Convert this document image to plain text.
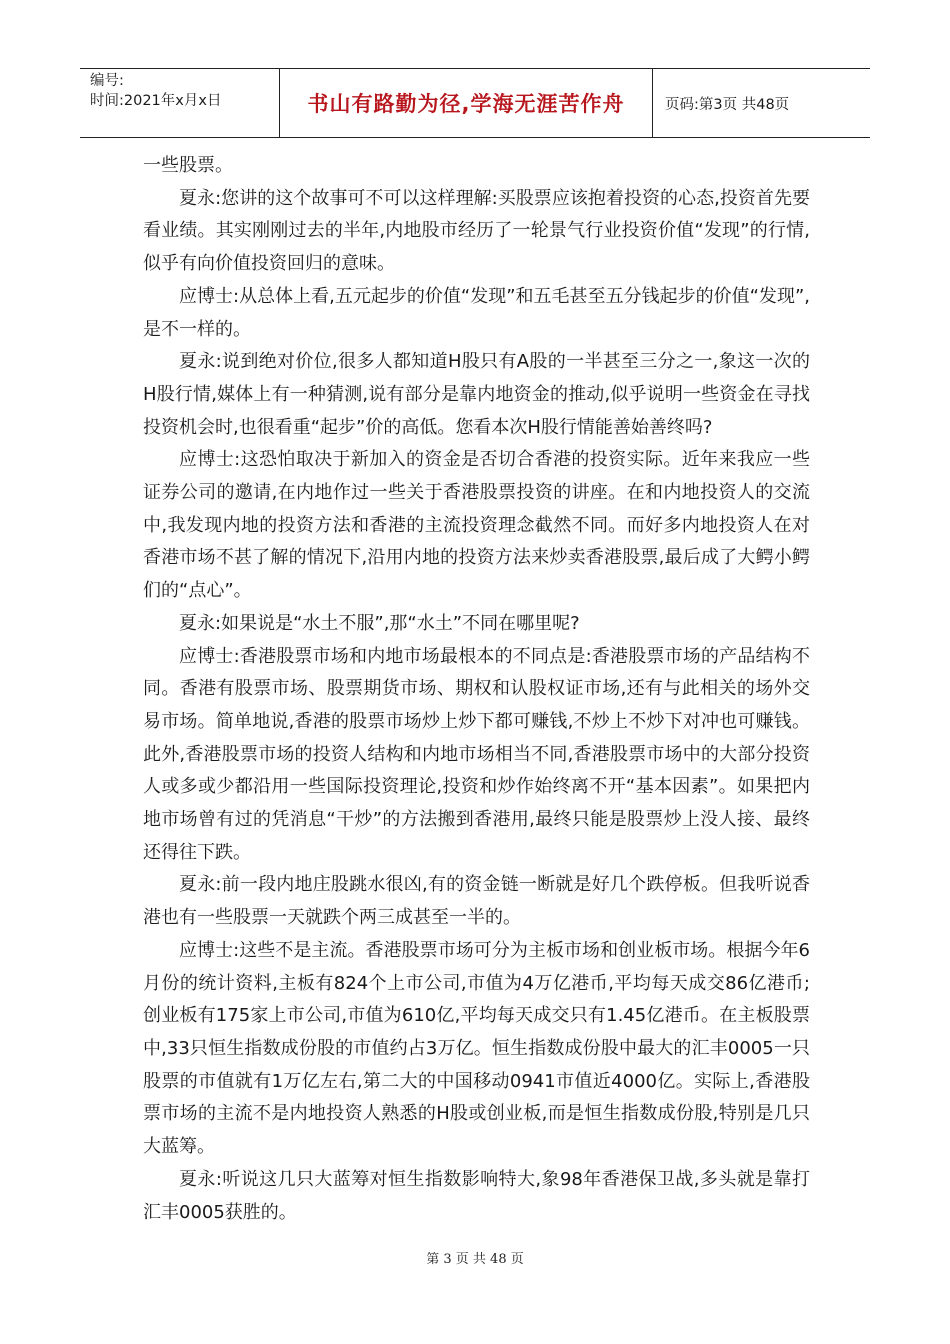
编号:
时间:2021年x月x日	书山有路勤为径,学海无涯苦作舟	页码:第3页 共48页

一些股票。

夏永:您讲的这个故事可不可以这样理解:买股票应该抱着投资的心态,投资首先要看业绩。其实刚刚过去的半年,内地股市经历了一轮景气行业投资价值“发现”的行情,似乎有向价值投资回归的意味。

应博士:从总体上看,五元起步的价值“发现”和五毛甚至五分钱起步的价值“发现”,是不一样的。

夏永:说到绝对价位,很多人都知道H股只有A股的一半甚至三分之一,象这一次的H股行情,媒体上有一种猜测,说有部分是靠内地资金的推动,似乎说明一些资金在寻找投资机会时,也很看重“起步”价的高低。您看本次H股行情能善始善终吗?

应博士:这恐怕取决于新加入的资金是否切合香港的投资实际。近年来我应一些证券公司的邀请,在内地作过一些关于香港股票投资的讲座。在和内地投资人的交流中,我发现内地的投资方法和香港的主流投资理念截然不同。而好多内地投资人在对香港市场不甚了解的情况下,沿用内地的投资方法来炒卖香港股票,最后成了大鳄小鳄们的“点心”。

夏永:如果说是“水土不服”,那“水土”不同在哪里呢?

应博士:香港股票市场和内地市场最根本的不同点是:香港股票市场的产品结构不同。香港有股票市场、股票期货市场、期权和认股权证市场,还有与此相关的场外交易市场。简单地说,香港的股票市场炒上炒下都可赚钱,不炒上不炒下对冲也可赚钱。此外,香港股票市场的投资人结构和内地市场相当不同,香港股票市场中的大部分投资人或多或少都沿用一些国际投资理论,投资和炒作始终离不开“基本因素”。如果把内地市场曾有过的凭消息“干炒”的方法搬到香港用,最终只能是股票炒上没人接、最终还得往下跌。

夏永:前一段内地庄股跳水很凶,有的资金链一断就是好几个跌停板。但我听说香港也有一些股票一天就跌个两三成甚至一半的。

应博士:这些不是主流。香港股票市场可分为主板市场和创业板市场。根据今年6月份的统计资料,主板有824个上市公司,市值为4万亿港币,平均每天成交86亿港币;创业板有175家上市公司,市值为610亿,平均每天成交只有1.45亿港币。在主板股票中,33只恒生指数成份股的市值约占3万亿。恒生指数成份股中最大的汇丰0005一只股票的市值就有1万亿左右,第二大的中国移动0941市值近4000亿。实际上,香港股票市场的主流不是内地投资人熟悉的H股或创业板,而是恒生指数成份股,特别是几只大蓝筹。

夏永:听说这几只大蓝筹对恒生指数影响特大,象98年香港保卫战,多头就是靠打汇丰0005获胜的。

第 3 页 共 48 页
